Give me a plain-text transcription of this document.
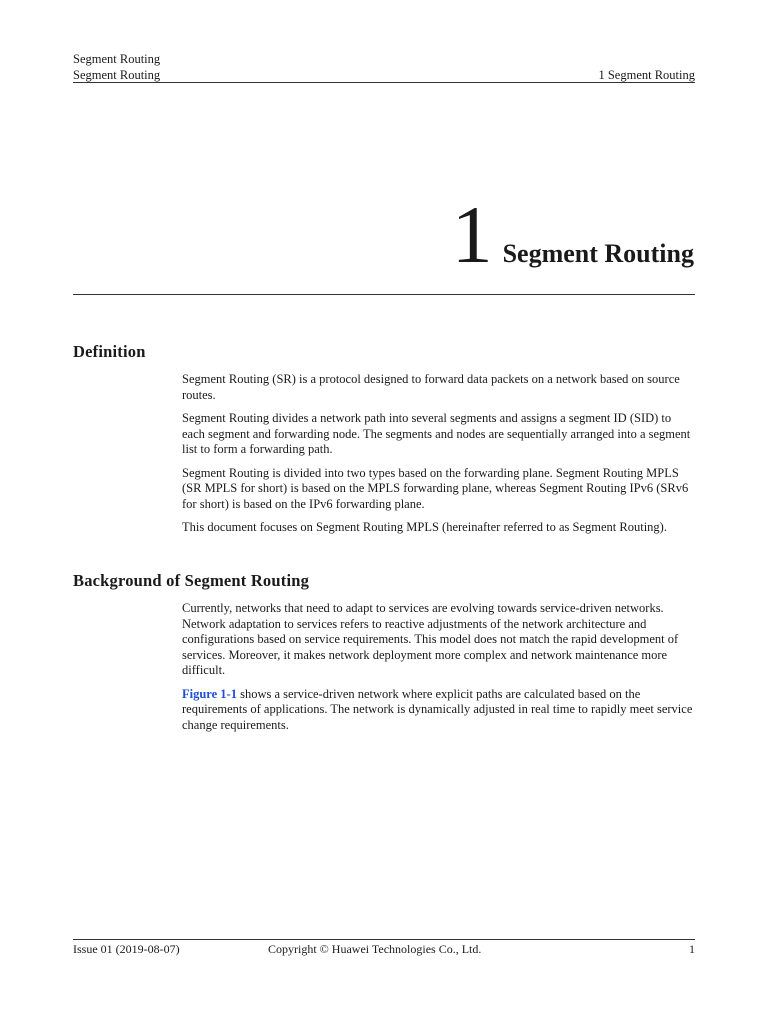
Segment Routing
Segment Routing	1 Segment Routing
1 Segment Routing
Definition

Segment Routing (SR) is a protocol designed to forward data packets on a network based on source routes.

Segment Routing divides a network path into several segments and assigns a segment ID (SID) to each segment and forwarding node. The segments and nodes are sequentially arranged into a segment list to form a forwarding path.

Segment Routing is divided into two types based on the forwarding plane. Segment Routing MPLS (SR MPLS for short) is based on the MPLS forwarding plane, whereas Segment Routing IPv6 (SRv6 for short) is based on the IPv6 forwarding plane.

This document focuses on Segment Routing MPLS (hereinafter referred to as Segment Routing).

Background of Segment Routing

Currently, networks that need to adapt to services are evolving towards service-driven networks. Network adaptation to services refers to reactive adjustments of the network architecture and configurations based on service requirements. This model does not match the rapid development of services. Moreover, it makes network deployment more complex and network maintenance more difficult.

Figure 1-1 shows a service-driven network where explicit paths are calculated based on the requirements of applications. The network is dynamically adjusted in real time to rapidly meet service change requirements.

Issue 01 (2019-08-07)	Copyright © Huawei Technologies Co., Ltd.	1
